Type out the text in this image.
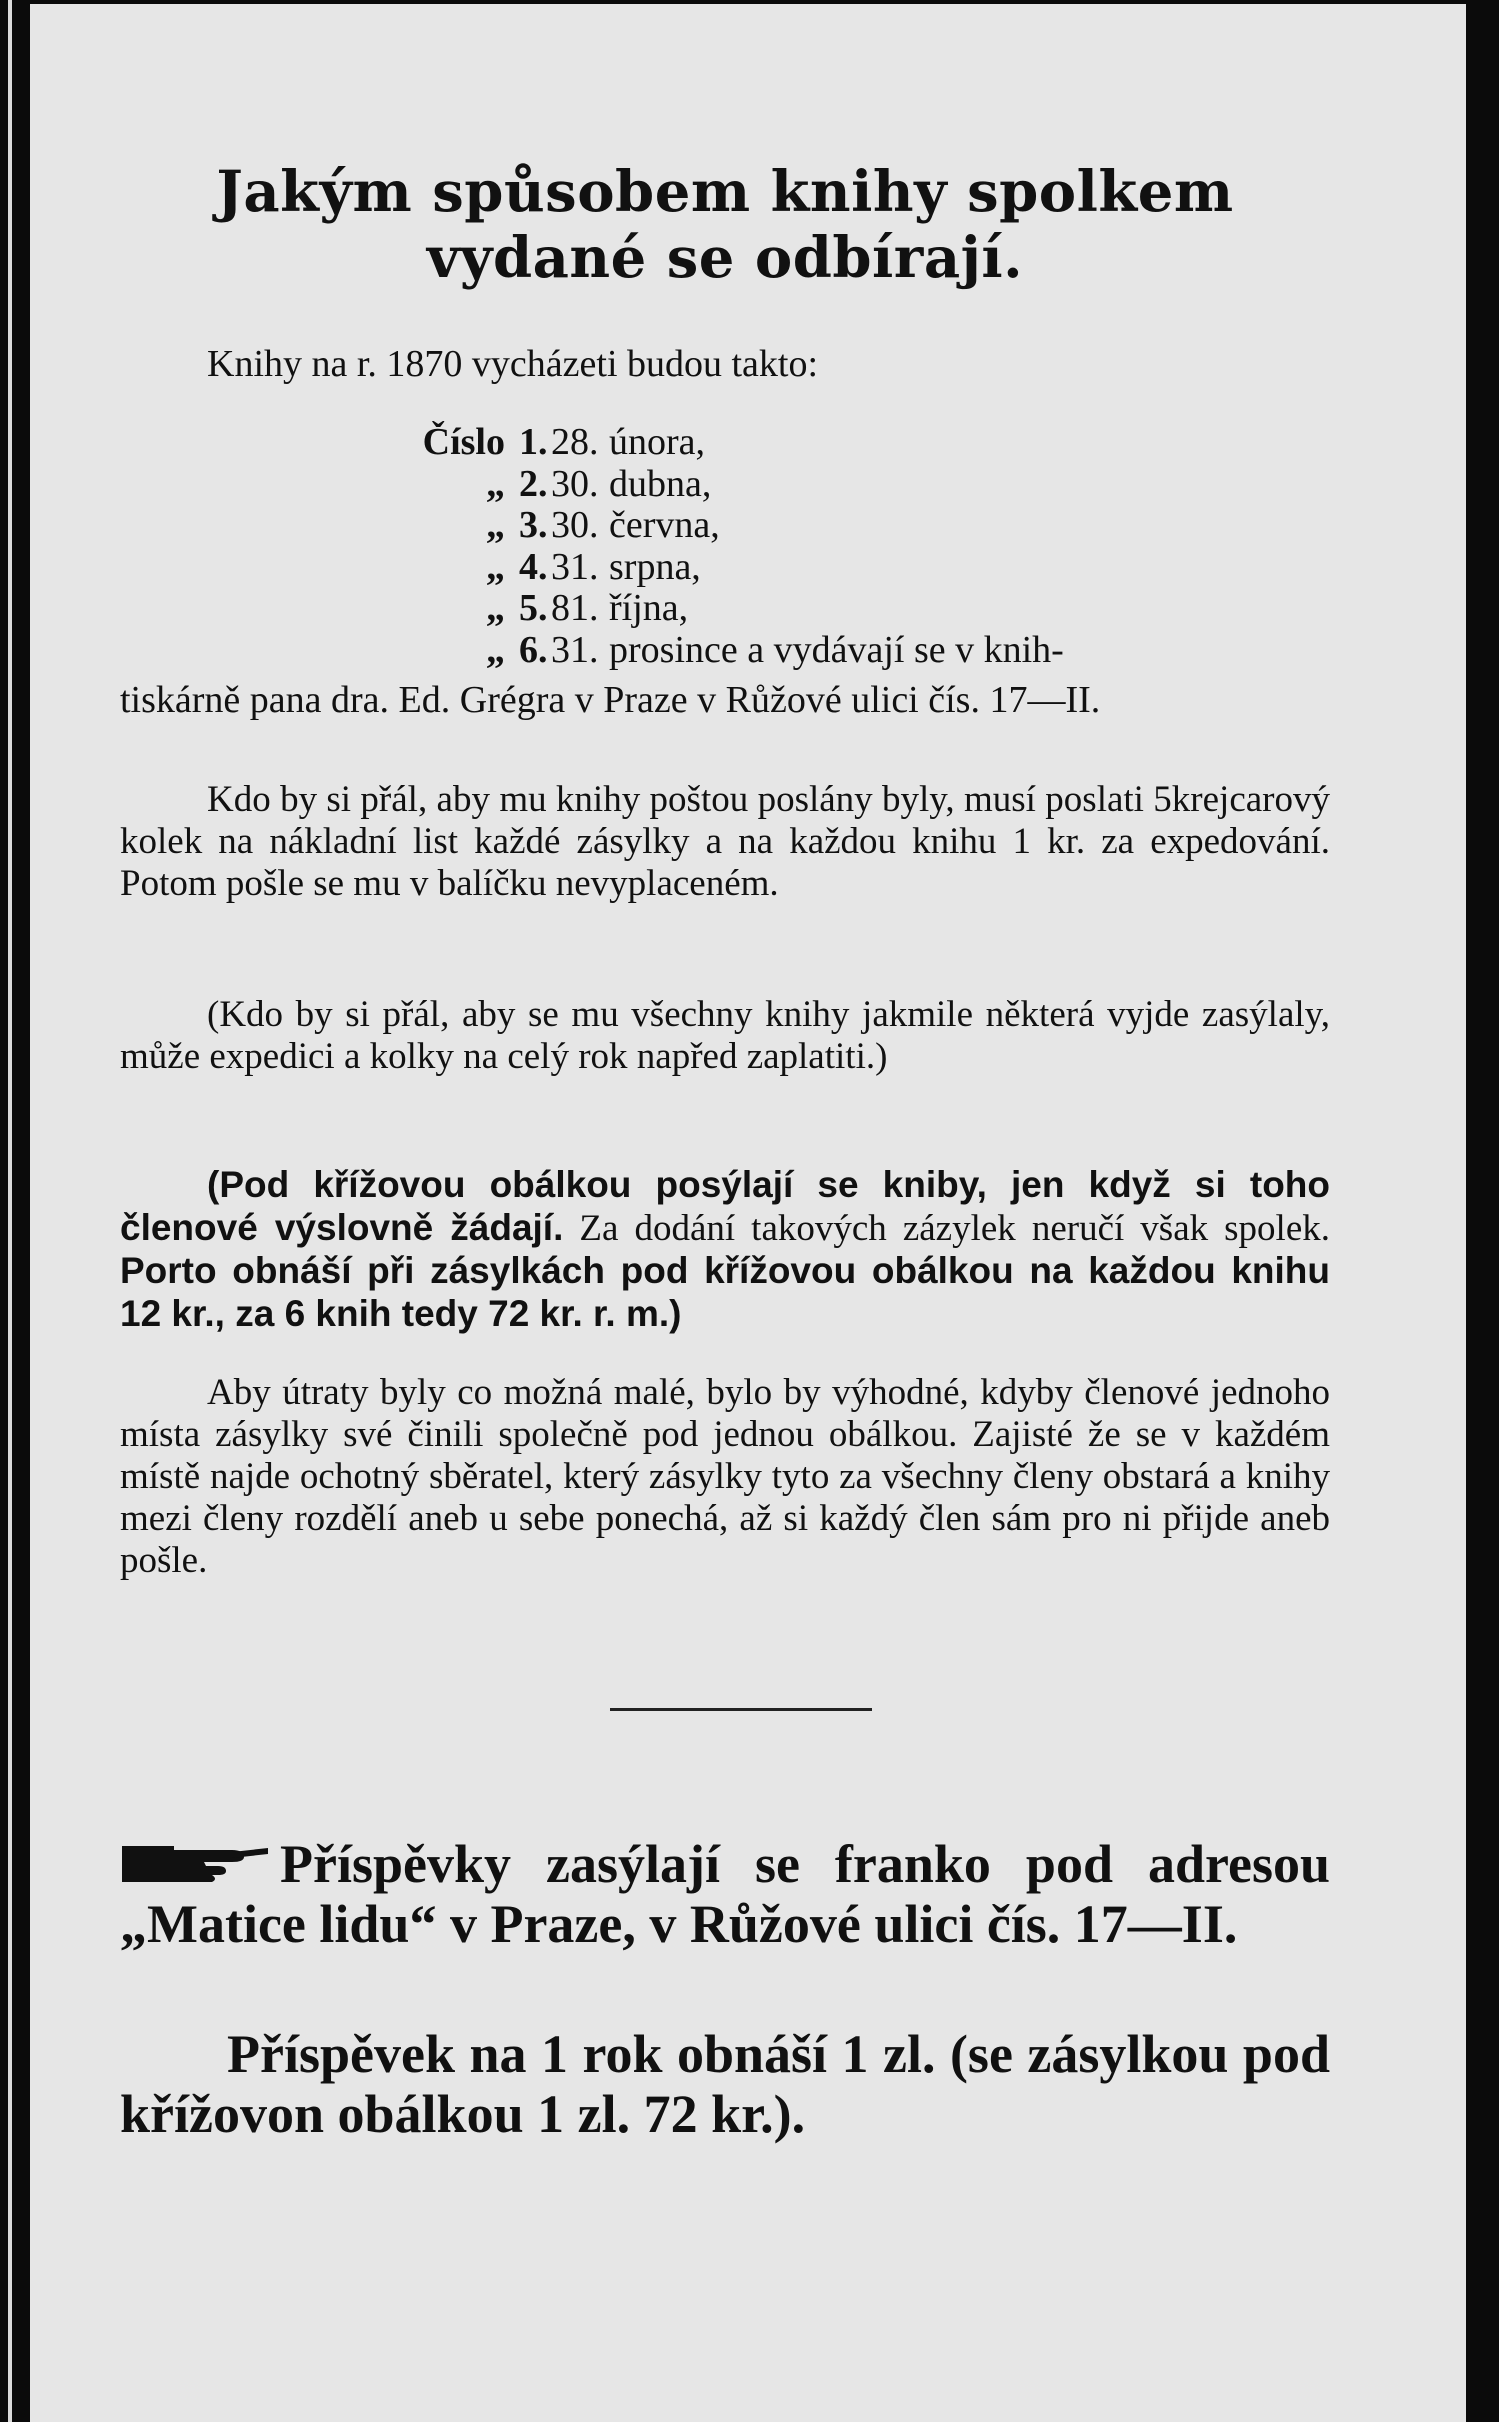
Jakým spůsobem knihy spolkem vydané se odbírají.
Knihy na r. 1870 vycházeti budou takto:
Číslo 1. 28. února,
„ 2. 30. dubna,
„ 3. 30. června,
„ 4. 31. srpna,
„ 5. 81. října,
„ 6. 31. prosince a vydávají se v knih-
tiskárně pana dra. Ed. Grégra v Praze v Růžové ulici čís. 17—II.

Kdo by si přál, aby mu knihy poštou poslány byly, musí poslati 5krejcarový kolek na nákladní list každé zásylky a na každou knihu 1 kr. za expedování. Potom pošle se mu v balíčku nevyplaceném.

(Kdo by si přál, aby se mu všechny knihy jakmile některá vyjde zasýlaly, může expedici a kolky na celý rok napřed zaplatiti.)

(Pod křížovou obálkou posýlají se kniby, jen když si toho členové výslovně žádají. Za dodání takových zázylek neručí však spolek. Porto obnáší při zásylkách pod křížovou obálkou na každou knihu 12 kr., za 6 knih tedy 72 kr. r. m.)

Aby útraty byly co možná malé, bylo by výhodné, kdyby členové jednoho místa zásylky své činili společně pod jednou obálkou. Zajisté že se v každém místě najde ochotný sběratel, který zásylky tyto za všechny členy obstará a knihy mezi členy rozdělí aneb u sebe ponechá, až si každý člen sám pro ni přijde aneb pošle.

Příspěvky zasýlají se franko pod adresou „Matice lidu“ v Praze, v Růžové ulici čís. 17—II.

Příspěvek na 1 rok obnáší 1 zl. (se zásylkou pod křížovon obálkou 1 zl. 72 kr.).
